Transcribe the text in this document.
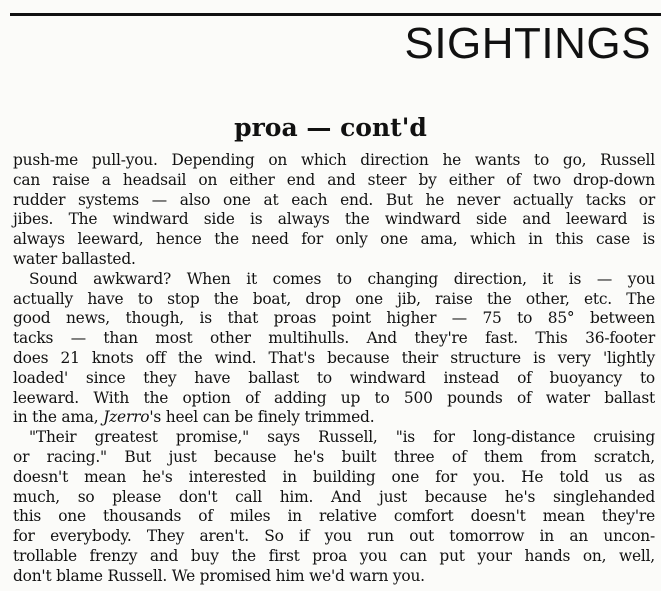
SIGHTINGS
proa — cont'd
push-me pull-you. Depending on which direction he wants to go, Russell
can raise a headsail on either end and steer by either of two drop-down
rudder systems — also one at each end. But he never actually tacks or
jibes. The windward side is always the windward side and leeward is
always leeward, hence the need for only one ama, which in this case is
water ballasted.
Sound awkward? When it comes to changing direction, it is — you
actually have to stop the boat, drop one jib, raise the other, etc. The
good news, though, is that proas point higher — 75 to 85° between
tacks — than most other multihulls. And they're fast. This 36-footer
does 21 knots off the wind. That's because their structure is very 'lightly
loaded' since they have ballast to windward instead of buoyancy to
leeward. With the option of adding up to 500 pounds of water ballast
in the ama, Jzerro's heel can be finely trimmed.
"Their greatest promise," says Russell, "is for long-distance cruising
or racing." But just because he's built three of them from scratch,
doesn't mean he's interested in building one for you. He told us as
much, so please don't call him. And just because he's singlehanded
this one thousands of miles in relative comfort doesn't mean they're
for everybody. They aren't. So if you run out tomorrow in an uncon-
trollable frenzy and buy the first proa you can put your hands on, well,
don't blame Russell. We promised him we'd warn you.
